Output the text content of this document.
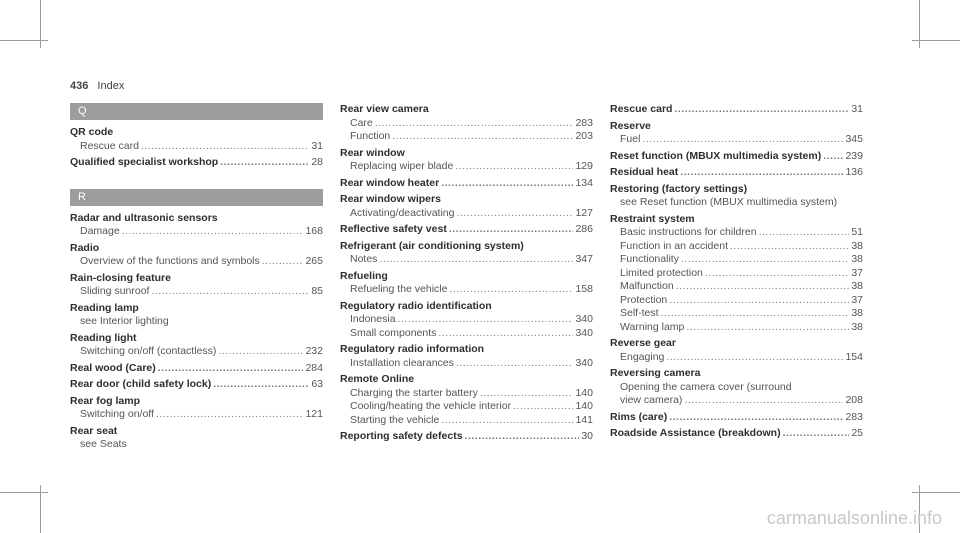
436 Index
Q
QR code
Rescue card .....	31
Qualified specialist workshop .....	28
R
Radar and ultrasonic sensors
Damage .....	168
Radio
Overview of the functions and symbols .....	265
Rain-closing feature
Sliding sunroof .....	85
Reading lamp
see Interior lighting
Reading light
Switching on/off (contactless) .....	232
Real wood (Care) .....	284
Rear door (child safety lock) .....	63
Rear fog lamp
Switching on/off .....	121
Rear seat
see Seats
Rear view camera
Care .....	283
Function .....	203
Rear window
Replacing wiper blade .....	129
Rear window heater .....	134
Rear window wipers
Activating/deactivating .....	127
Reflective safety vest .....	286
Refrigerant (air conditioning system)
Notes .....	347
Refueling
Refueling the vehicle .....	158
Regulatory radio identification
Indonesia .....	340
Small components .....	340
Regulatory radio information
Installation clearances .....	340
Remote Online
Charging the starter battery .....	140
Cooling/heating the vehicle interior .....	140
Starting the vehicle .....	141
Reporting safety defects .....	30
Rescue card .....	31
Reserve
Fuel .....	345
Reset function (MBUX multimedia system) ..... 239
Residual heat .....	136
Restoring (factory settings)
see Reset function (MBUX multimedia system)
Restraint system
Basic instructions for children .....	51
Function in an accident .....	38
Functionality .....	38
Limited protection .....	37
Malfunction .....	38
Protection .....	37
Self-test .....	38
Warning lamp .....	38
Reverse gear
Engaging .....	154
Reversing camera
Opening the camera cover (surround
view camera) .....	208
Rims (care) .....	283
Roadside Assistance (breakdown) .....	25
carmanualsonline.info
